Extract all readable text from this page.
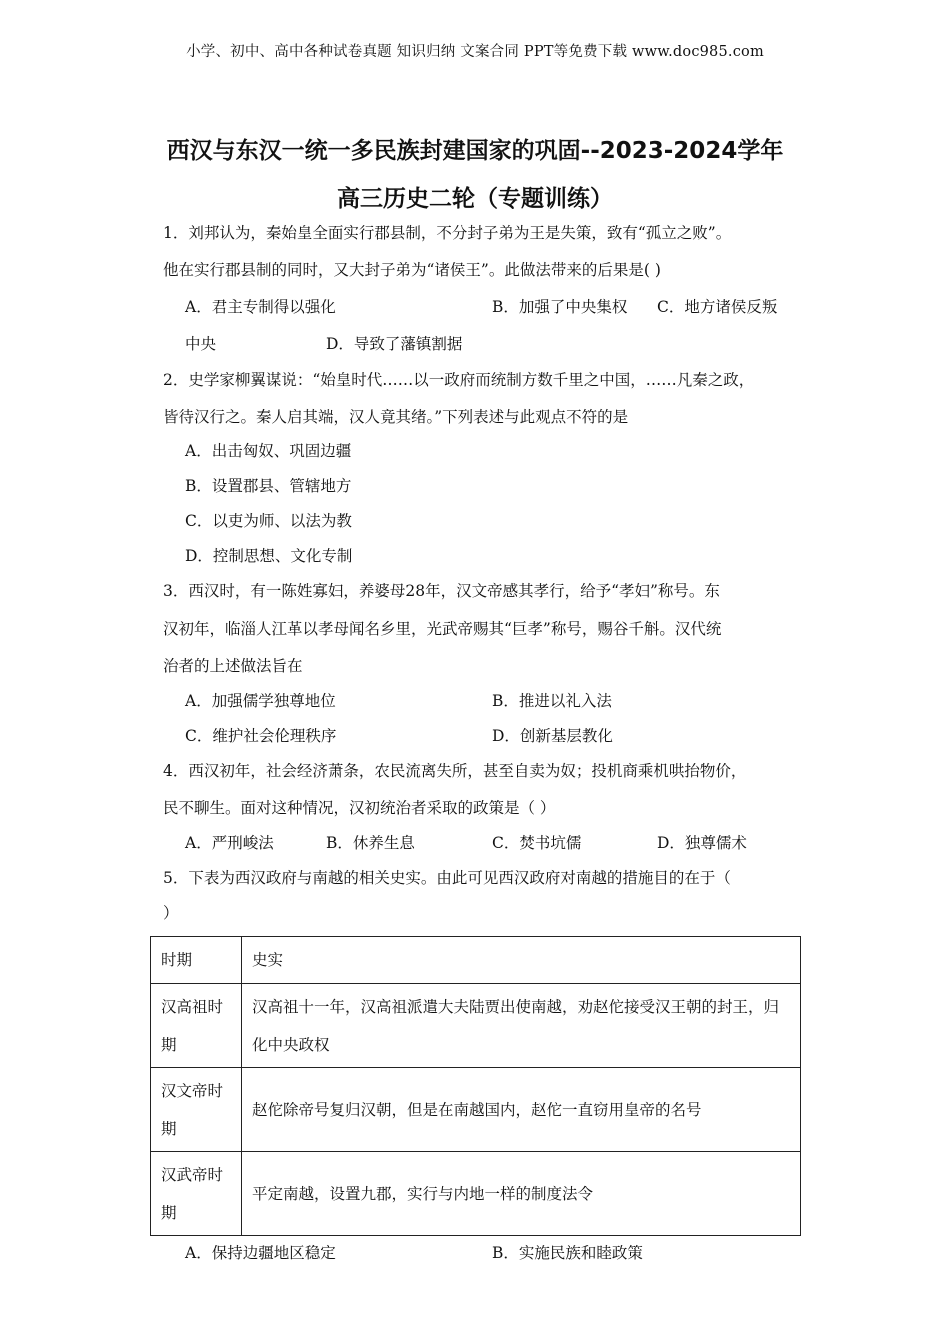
小学、初中、高中各种试卷真题 知识归纳 文案合同 PPT等免费下载 www.doc985.com
西汉与东汉一统一多民族封建国家的巩固--2023-2024学年
高三历史二轮（专题训练）
1．刘邦认为，秦始皇全面实行郡县制，不分封子弟为王是失策，致有“孤立之败”。
他在实行郡县制的同时，又大封子弟为“诸侯王”。此做法带来的后果是( )
A．君主专制得以强化	B．加强了中央集权 C．地方诸侯反叛
中央	D．导致了藩镇割据
2．史学家柳翼谋说：“始皇时代……以一政府而统制方数千里之中国，……凡秦之政，
皆待汉行之。秦人启其端，汉人竟其绪。”下列表述与此观点不符的是
A．出击匈奴、巩固边疆
B．设置郡县、管辖地方
C．以吏为师、以法为教
D．控制思想、文化专制
3．西汉时，有一陈姓寡妇，养婆母28年，汉文帝感其孝行，给予“孝妇”称号。东
汉初年，临淄人江革以孝母闻名乡里，光武帝赐其“巨孝”称号，赐谷千斛。汉代统
治者的上述做法旨在
A．加强儒学独尊地位	B．推进以礼入法
C．维护社会伦理秩序	D．创新基层教化
4．西汉初年，社会经济萧条，农民流离失所，甚至自卖为奴；投机商乘机哄抬物价，
民不聊生。面对这种情况，汉初统治者采取的政策是（ ）
A．严刑峻法	B．休养生息	C．焚书坑儒	D．独尊儒术
5．下表为西汉政府与南越的相关史实。由此可见西汉政府对南越的措施目的在于（
）
时期	史实

汉高祖时期	汉高祖十一年，汉高祖派遣大夫陆贾出使南越，劝赵佗接受汉王朝的封王，归化中央政权

汉文帝时期	赵佗除帝号复归汉朝，但是在南越国内，赵佗一直窃用皇帝的名号

汉武帝时期	平定南越，设置九郡，实行与内地一样的制度法令
A．保持边疆地区稳定	B．实施民族和睦政策
